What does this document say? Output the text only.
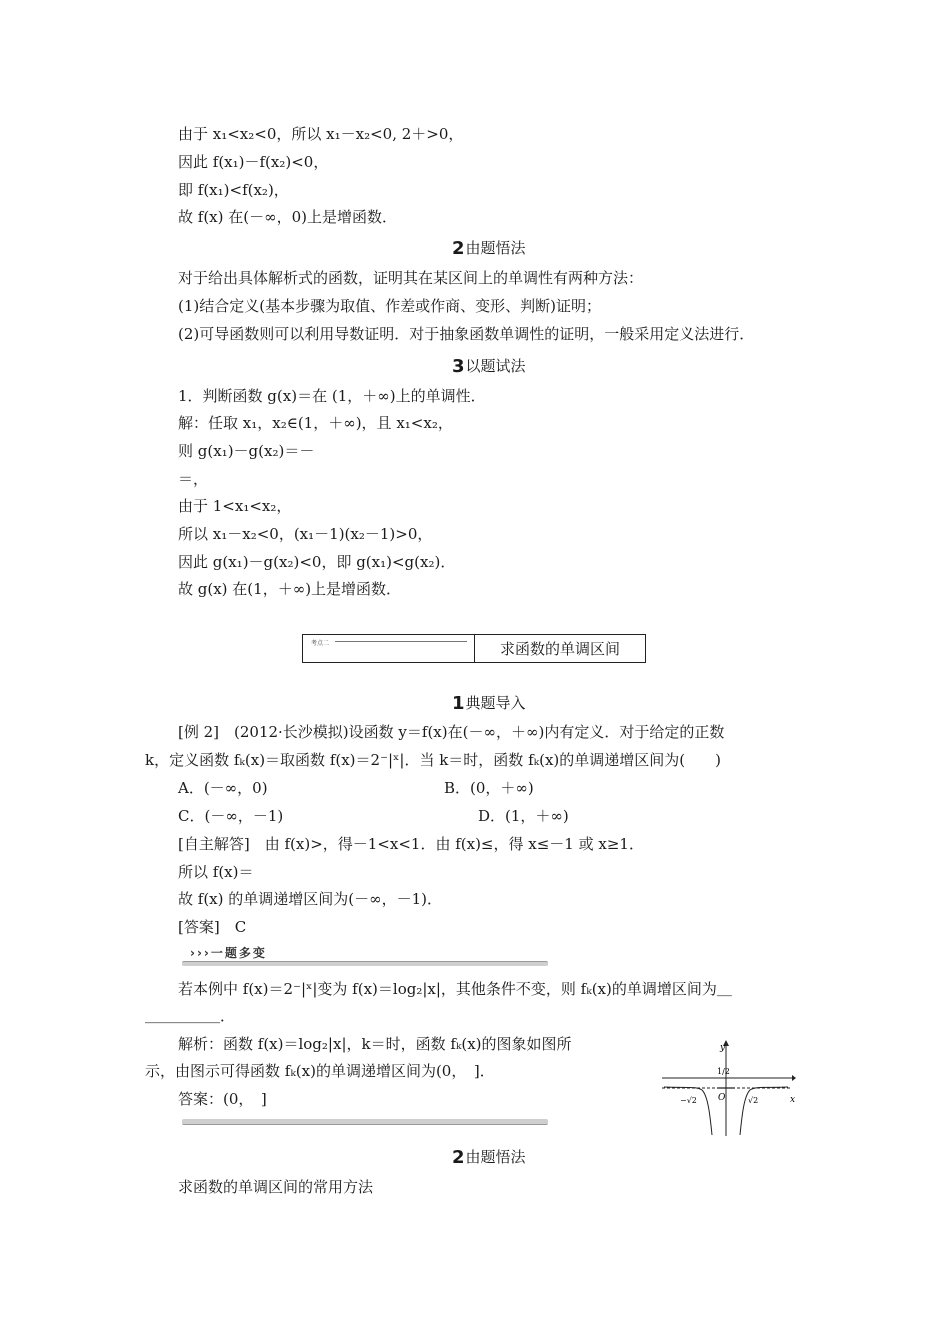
由于 x₁<x₂<0，所以 x₁－x₂<0, 2＋>0，
因此 f(x₁)－f(x₂)<0，
即 f(x₁)<f(x₂)，
故 f(x) 在(－∞，0)上是增函数．
2由题悟法
对于给出具体解析式的函数，证明其在某区间上的单调性有两种方法：
(1)结合定义(基本步骤为取值、作差或作商、变形、判断)证明；
(2)可导函数则可以利用导数证明．对于抽象函数单调性的证明，一般采用定义法进行．
3以题试法
1．判断函数 g(x)＝在 (1，＋∞)上的单调性．
解：任取 x₁，x₂∈(1，＋∞)，且 x₁<x₂，
则 g(x₁)－g(x₂)＝－
＝，
由于 1<x₁<x₂，
所以 x₁－x₂<0，(x₁－1)(x₂－1)>0，
因此 g(x₁)－g(x₂)<0，即 g(x₁)<g(x₂)．
故 g(x) 在(1，＋∞)上是增函数．
考点二	求函数的单调区间
1典题导入
[例 2]　(2012·长沙模拟)设函数 y＝f(x)在(－∞，＋∞)内有定义．对于给定的正数
k，定义函数 fₖ(x)＝取函数 f(x)＝2⁻|ˣ|．当 k＝时，函数 fₖ(x)的单调递增区间为(　　)
A．(－∞，0)	B．(0，＋∞)
C．(－∞，－1)	D．(1，＋∞)
[自主解答]　由 f(x)>，得－1<x<1．由 f(x)≤，得 x≤－1 或 x≥1．
所以 f(x)＝
故 f(x) 的单调递增区间为(－∞，－1)．
[答案]　C
›››一题多变
若本例中 f(x)＝2⁻|ˣ|变为 f(x)＝log₂|x|，其他条件不变，则 fₖ(x)的单调增区间为＿
＿＿＿＿＿．
解析：函数 f(x)＝log₂|x|，k＝时，函数 fₖ(x)的图象如图所
示，由图示可得函数 fₖ(x)的单调递增区间为(0，　]．
答案：(0，　]
y
x
O
1/2
−√2	√2
2由题悟法
求函数的单调区间的常用方法
